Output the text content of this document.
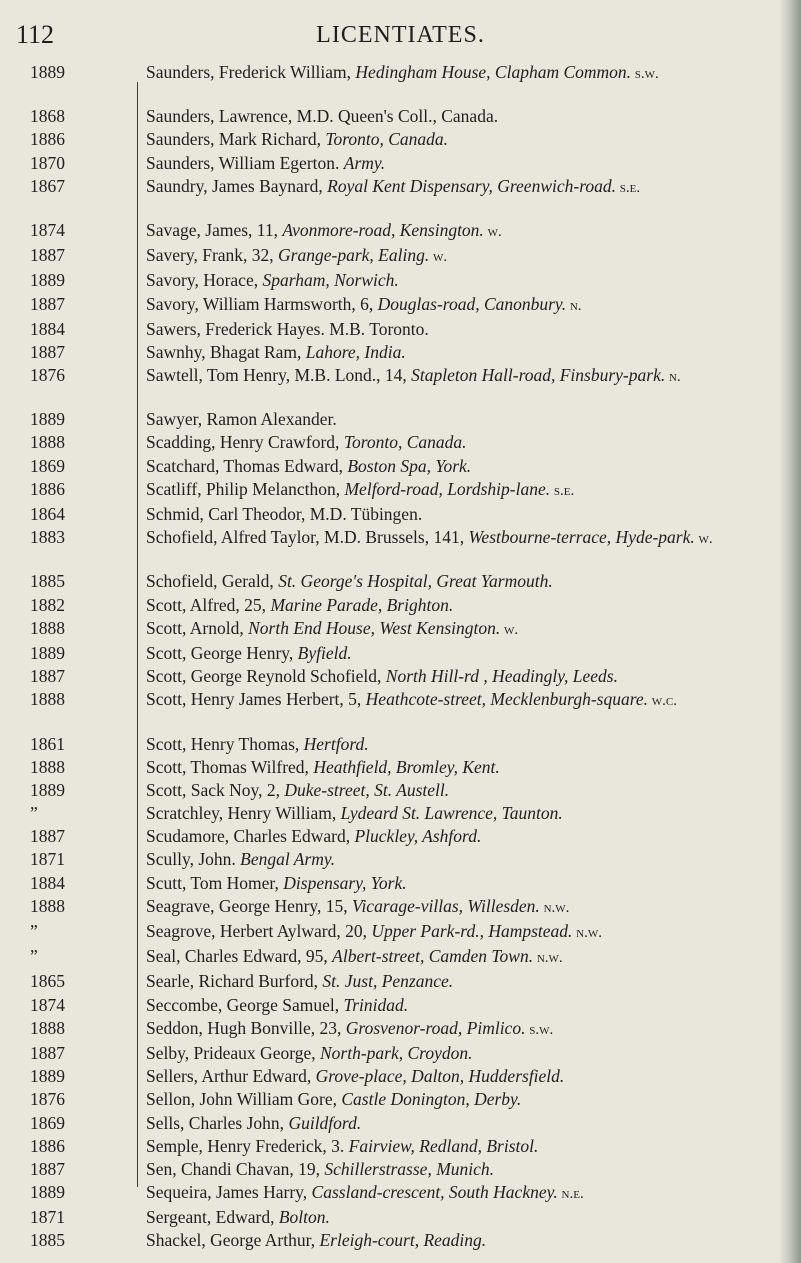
112	LICENTIATES.
1889	Saunders, Frederick William, Hedingham House, Clapham Common. s.w.
1868	Saunders, Lawrence, M.D. Queen's Coll., Canada.
1886	Saunders, Mark Richard, Toronto, Canada.
1870	Saunders, William Egerton. Army.
1867	Saundry, James Baynard, Royal Kent Dispensary, Greenwich-road. s.e.
1874	Savage, James, 11, Avonmore-road, Kensington. w.
1887	Savery, Frank, 32, Grange-park, Ealing. w.
1889	Savory, Horace, Sparham, Norwich.
1887	Savory, William Harmsworth, 6, Douglas-road, Canonbury. n.
1884	Sawers, Frederick Hayes. M.B. Toronto.
1887	Sawnhy, Bhagat Ram, Lahore, India.
1876	Sawtell, Tom Henry, M.B. Lond., 14, Stapleton Hall-road, Finsbury-park. n.
1889	Sawyer, Ramon Alexander.
1888	Scadding, Henry Crawford, Toronto, Canada.
1869	Scatchard, Thomas Edward, Boston Spa, York.
1886	Scatliff, Philip Melancthon, Melford-road, Lordship-lane. s.e.
1864	Schmid, Carl Theodor, M.D. Tübingen.
1883	Schofield, Alfred Taylor, M.D. Brussels, 141, Westbourne-terrace, Hyde-park. w.
1885	Schofield, Gerald, St. George's Hospital, Great Yarmouth.
1882	Scott, Alfred, 25, Marine Parade, Brighton.
1888	Scott, Arnold, North End House, West Kensington. w.
1889	Scott, George Henry, Byfield.
1887	Scott, George Reynold Schofield, North Hill-rd , Headingly, Leeds.
1888	Scott, Henry James Herbert, 5, Heathcote-street, Mecklenburgh-square. w.c.
1861	Scott, Henry Thomas, Hertford.
1888	Scott, Thomas Wilfred, Heathfield, Bromley, Kent.
1889	Scott, Sack Noy, 2, Duke-street, St. Austell.
”	Scratchley, Henry William, Lydeard St. Lawrence, Taunton.
1887	Scudamore, Charles Edward, Pluckley, Ashford.
1871	Scully, John. Bengal Army.
1884	Scutt, Tom Homer, Dispensary, York.
1888	Seagrave, George Henry, 15, Vicarage-villas, Willesden. n.w.
”	Seagrove, Herbert Aylward, 20, Upper Park-rd., Hampstead. n.w.
”	Seal, Charles Edward, 95, Albert-street, Camden Town. n.w.
1865	Searle, Richard Burford, St. Just, Penzance.
1874	Seccombe, George Samuel, Trinidad.
1888	Seddon, Hugh Bonville, 23, Grosvenor-road, Pimlico. s.w.
1887	Selby, Prideaux George, North-park, Croydon.
1889	Sellers, Arthur Edward, Grove-place, Dalton, Huddersfield.
1876	Sellon, John William Gore, Castle Donington, Derby.
1869	Sells, Charles John, Guildford.
1886	Semple, Henry Frederick, 3. Fairview, Redland, Bristol.
1887	Sen, Chandi Chavan, 19, Schillerstrasse, Munich.
1889	Sequeira, James Harry, Cassland-crescent, South Hackney. n.e.
1871	Sergeant, Edward, Bolton.
1885	Shackel, George Arthur, Erleigh-court, Reading.
